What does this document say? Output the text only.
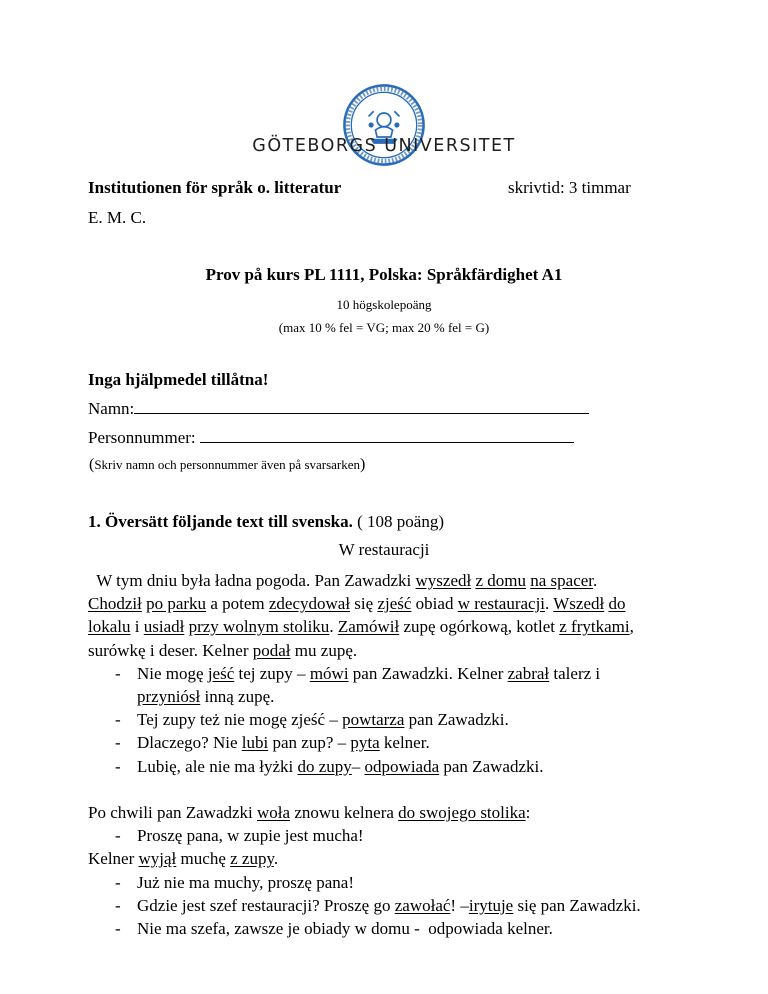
GÖTEBORGS UNIVERSITET
Institutionen för språk o. litteratur	skrivtid: 3 timmar
E. M. C.
Prov på kurs PL 1111, Polska: Språkfärdighet A1
10 högskolepoäng
(max 10 % fel = VG; max 20 % fel = G)
Inga hjälpmedel tillåtna!
Namn:
Personnummer:
(Skriv namn och personnummer även på svarsarken)
1. Översätt följande text till svenska. ( 108 poäng)
W restauracji
W tym dniu była ładna pogoda. Pan Zawadzki wyszedł z domu na spacer.
Chodził po parku a potem zdecydował się zjeść obiad w restauracji. Wszedł do
lokalu i usiadł przy wolnym stoliku. Zamówił zupę ogórkową, kotlet z frytkami,
surówkę i deser. Kelner podał mu zupę.
- Nie mogę jeść tej zupy – mówi pan Zawadzki. Kelner zabrał talerz i
przyniósł inną zupę.
- Tej zupy też nie mogę zjeść – powtarza pan Zawadzki.
- Dlaczego? Nie lubi pan zup? – pyta kelner.
- Lubię, ale nie ma łyżki do zupy– odpowiada pan Zawadzki.
Po chwili pan Zawadzki woła znowu kelnera do swojego stolika:
- Proszę pana, w zupie jest mucha!
Kelner wyjął muchę z zupy.
- Już nie ma muchy, proszę pana!
- Gdzie jest szef restauracji? Proszę go zawołać! –irytuje się pan Zawadzki.
- Nie ma szefa, zawsze je obiady w domu -  odpowiada kelner.
